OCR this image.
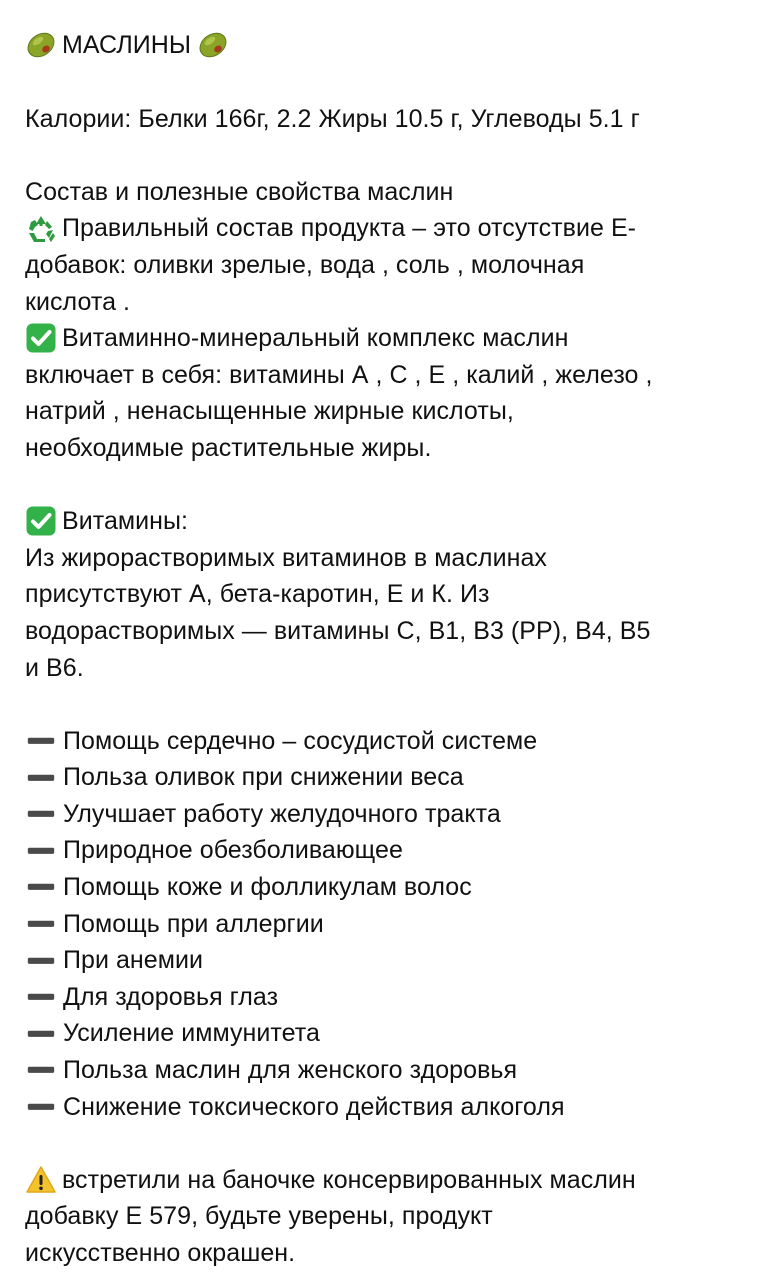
МАСЛИНЫ
Калории: Белки 166г, 2.2 Жиры 10.5 г, Углеводы 5.1 г
Состав и полезные свойства маслин
Правильный состав продукта – это отсутствие Е-
добавок: оливки зрелые, вода , соль , молочная
кислота .
Витаминно-минеральный комплекс маслин
включает в себя: витамины А , С , Е , калий , железо ,
натрий , ненасыщенные жирные кислоты,
необходимые растительные жиры.
Витамины:
Из жирорастворимых витаминов в маслинах
присутствуют А, бета-каротин, Е и К. Из
водорастворимых — витамины С, В1, В3 (РР), В4, В5
и В6.
Помощь сердечно – сосудистой системе
Польза оливок при снижении веса
Улучшает работу желудочного тракта
Природное обезболивающее
Помощь коже и фолликулам волос
Помощь при аллергии
При анемии
Для здоровья глаз
Усиление иммунитета
Польза маслин для женского здоровья
Снижение токсического действия алкоголя
встретили на баночке консервированных маслин
добавку Е 579, будьте уверены, продукт
искусственно окрашен.
